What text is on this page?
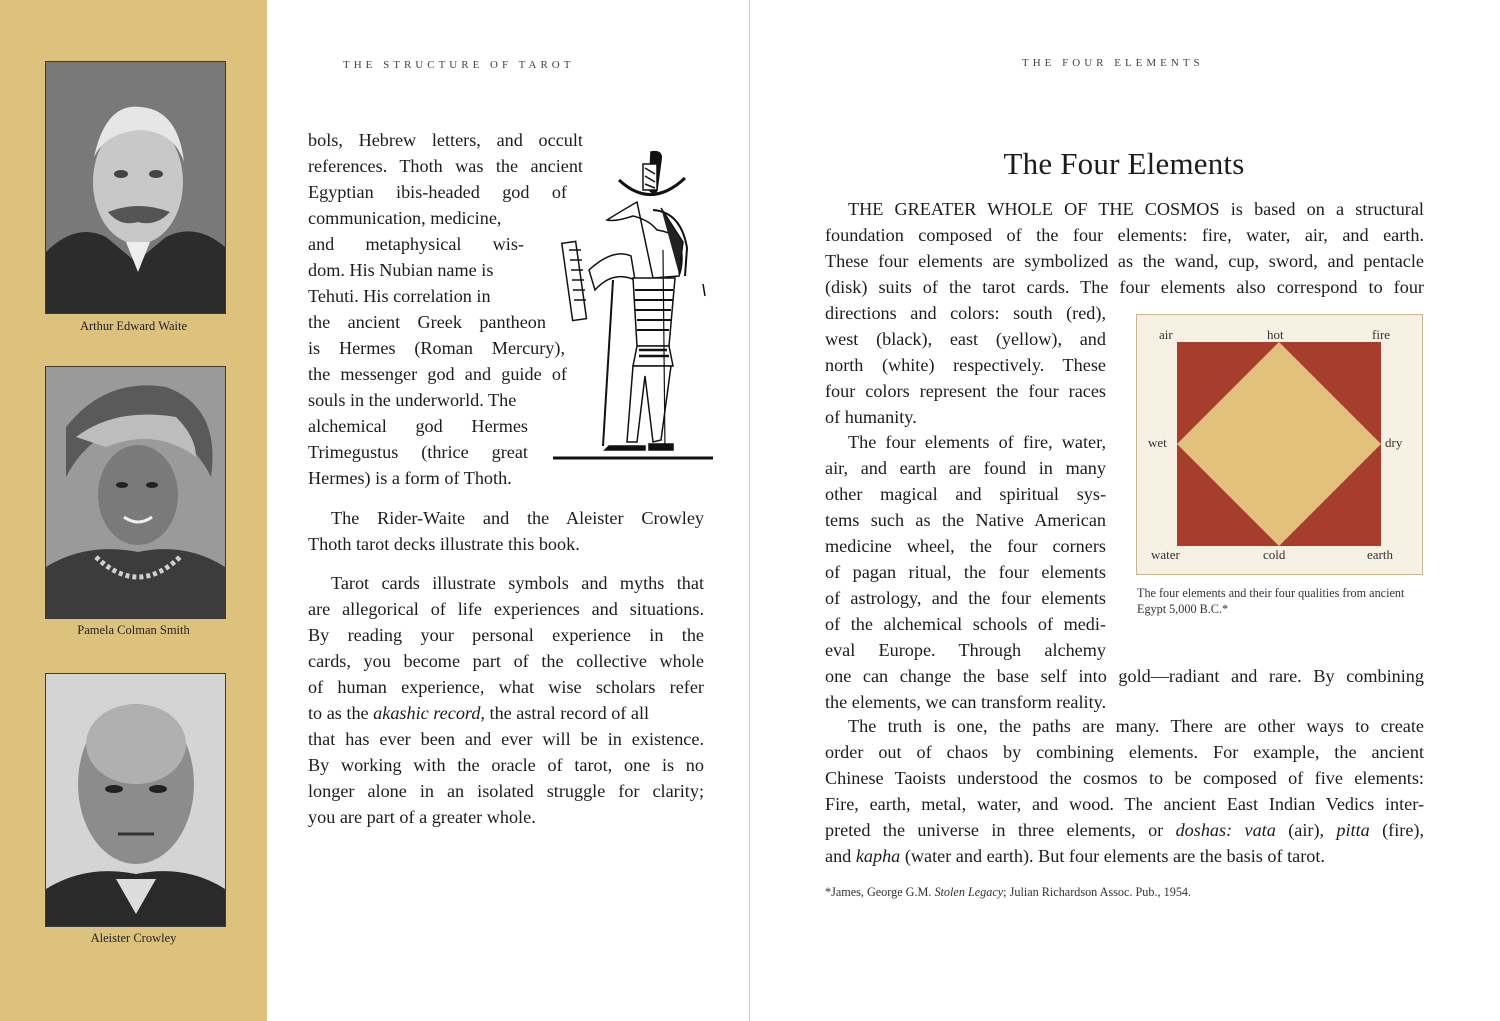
Arthur Edward Waite
Pamela Colman Smith
Aleister Crowley
THE STRUCTURE OF TAROT
bols, Hebrew letters, and occult
references. Thoth was the ancient
Egyptian ibis-headed god of
communication, medicine,
and metaphysical wis-
dom. His Nubian name is
Tehuti. His correlation in
the ancient Greek pantheon
is Hermes (Roman Mercury),
the messenger god and guide of
souls in the underworld. The
alchemical god Hermes
Trimegustus (thrice great
Hermes) is a form of Thoth.
The Rider-Waite and the Aleister Crowley
Thoth tarot decks illustrate this book.
Tarot cards illustrate symbols and myths that
are allegorical of life experiences and situations.
By reading your personal experience in the
cards, you become part of the collective whole
of human experience, what wise scholars refer
to as the akashic record, the astral record of all
that has ever been and ever will be in existence.
By working with the oracle of tarot, one is no
longer alone in an isolated struggle for clarity;
you are part of a greater whole.
THE FOUR ELEMENTS
The Four Elements
THE GREATER WHOLE OF THE COSMOS is based on a structural
foundation composed of the four elements: fire, water, air, and earth.
These four elements are symbolized as the wand, cup, sword, and pentacle
(disk) suits of the tarot cards. The four elements also correspond to four
directions and colors: south (red),
west (black), east (yellow), and
north (white) respectively. These
four colors represent the four races
of humanity.
The four elements of fire, water,
air, and earth are found in many
other magical and spiritual sys-
tems such as the Native American
medicine wheel, the four corners
of pagan ritual, the four elements
of astrology, and the four elements
of the alchemical schools of medi-
eval Europe. Through alchemy
one can change the base self into gold—radiant and rare. By combining
the elements, we can transform reality.
The truth is one, the paths are many. There are other ways to create
order out of chaos by combining elements. For example, the ancient
Chinese Taoists understood the cosmos to be composed of five elements:
Fire, earth, metal, water, and wood. The ancient East Indian Vedics inter-
preted the universe in three elements, or doshas: vata (air), pitta (fire),
and kapha (water and earth). But four elements are the basis of tarot.
air	hot	fire
wet	dry
water	cold	earth
The four elements and their four qualities from ancient Egypt 5,000 B.C.*
*James, George G.M. Stolen Legacy; Julian Richardson Assoc. Pub., 1954.
